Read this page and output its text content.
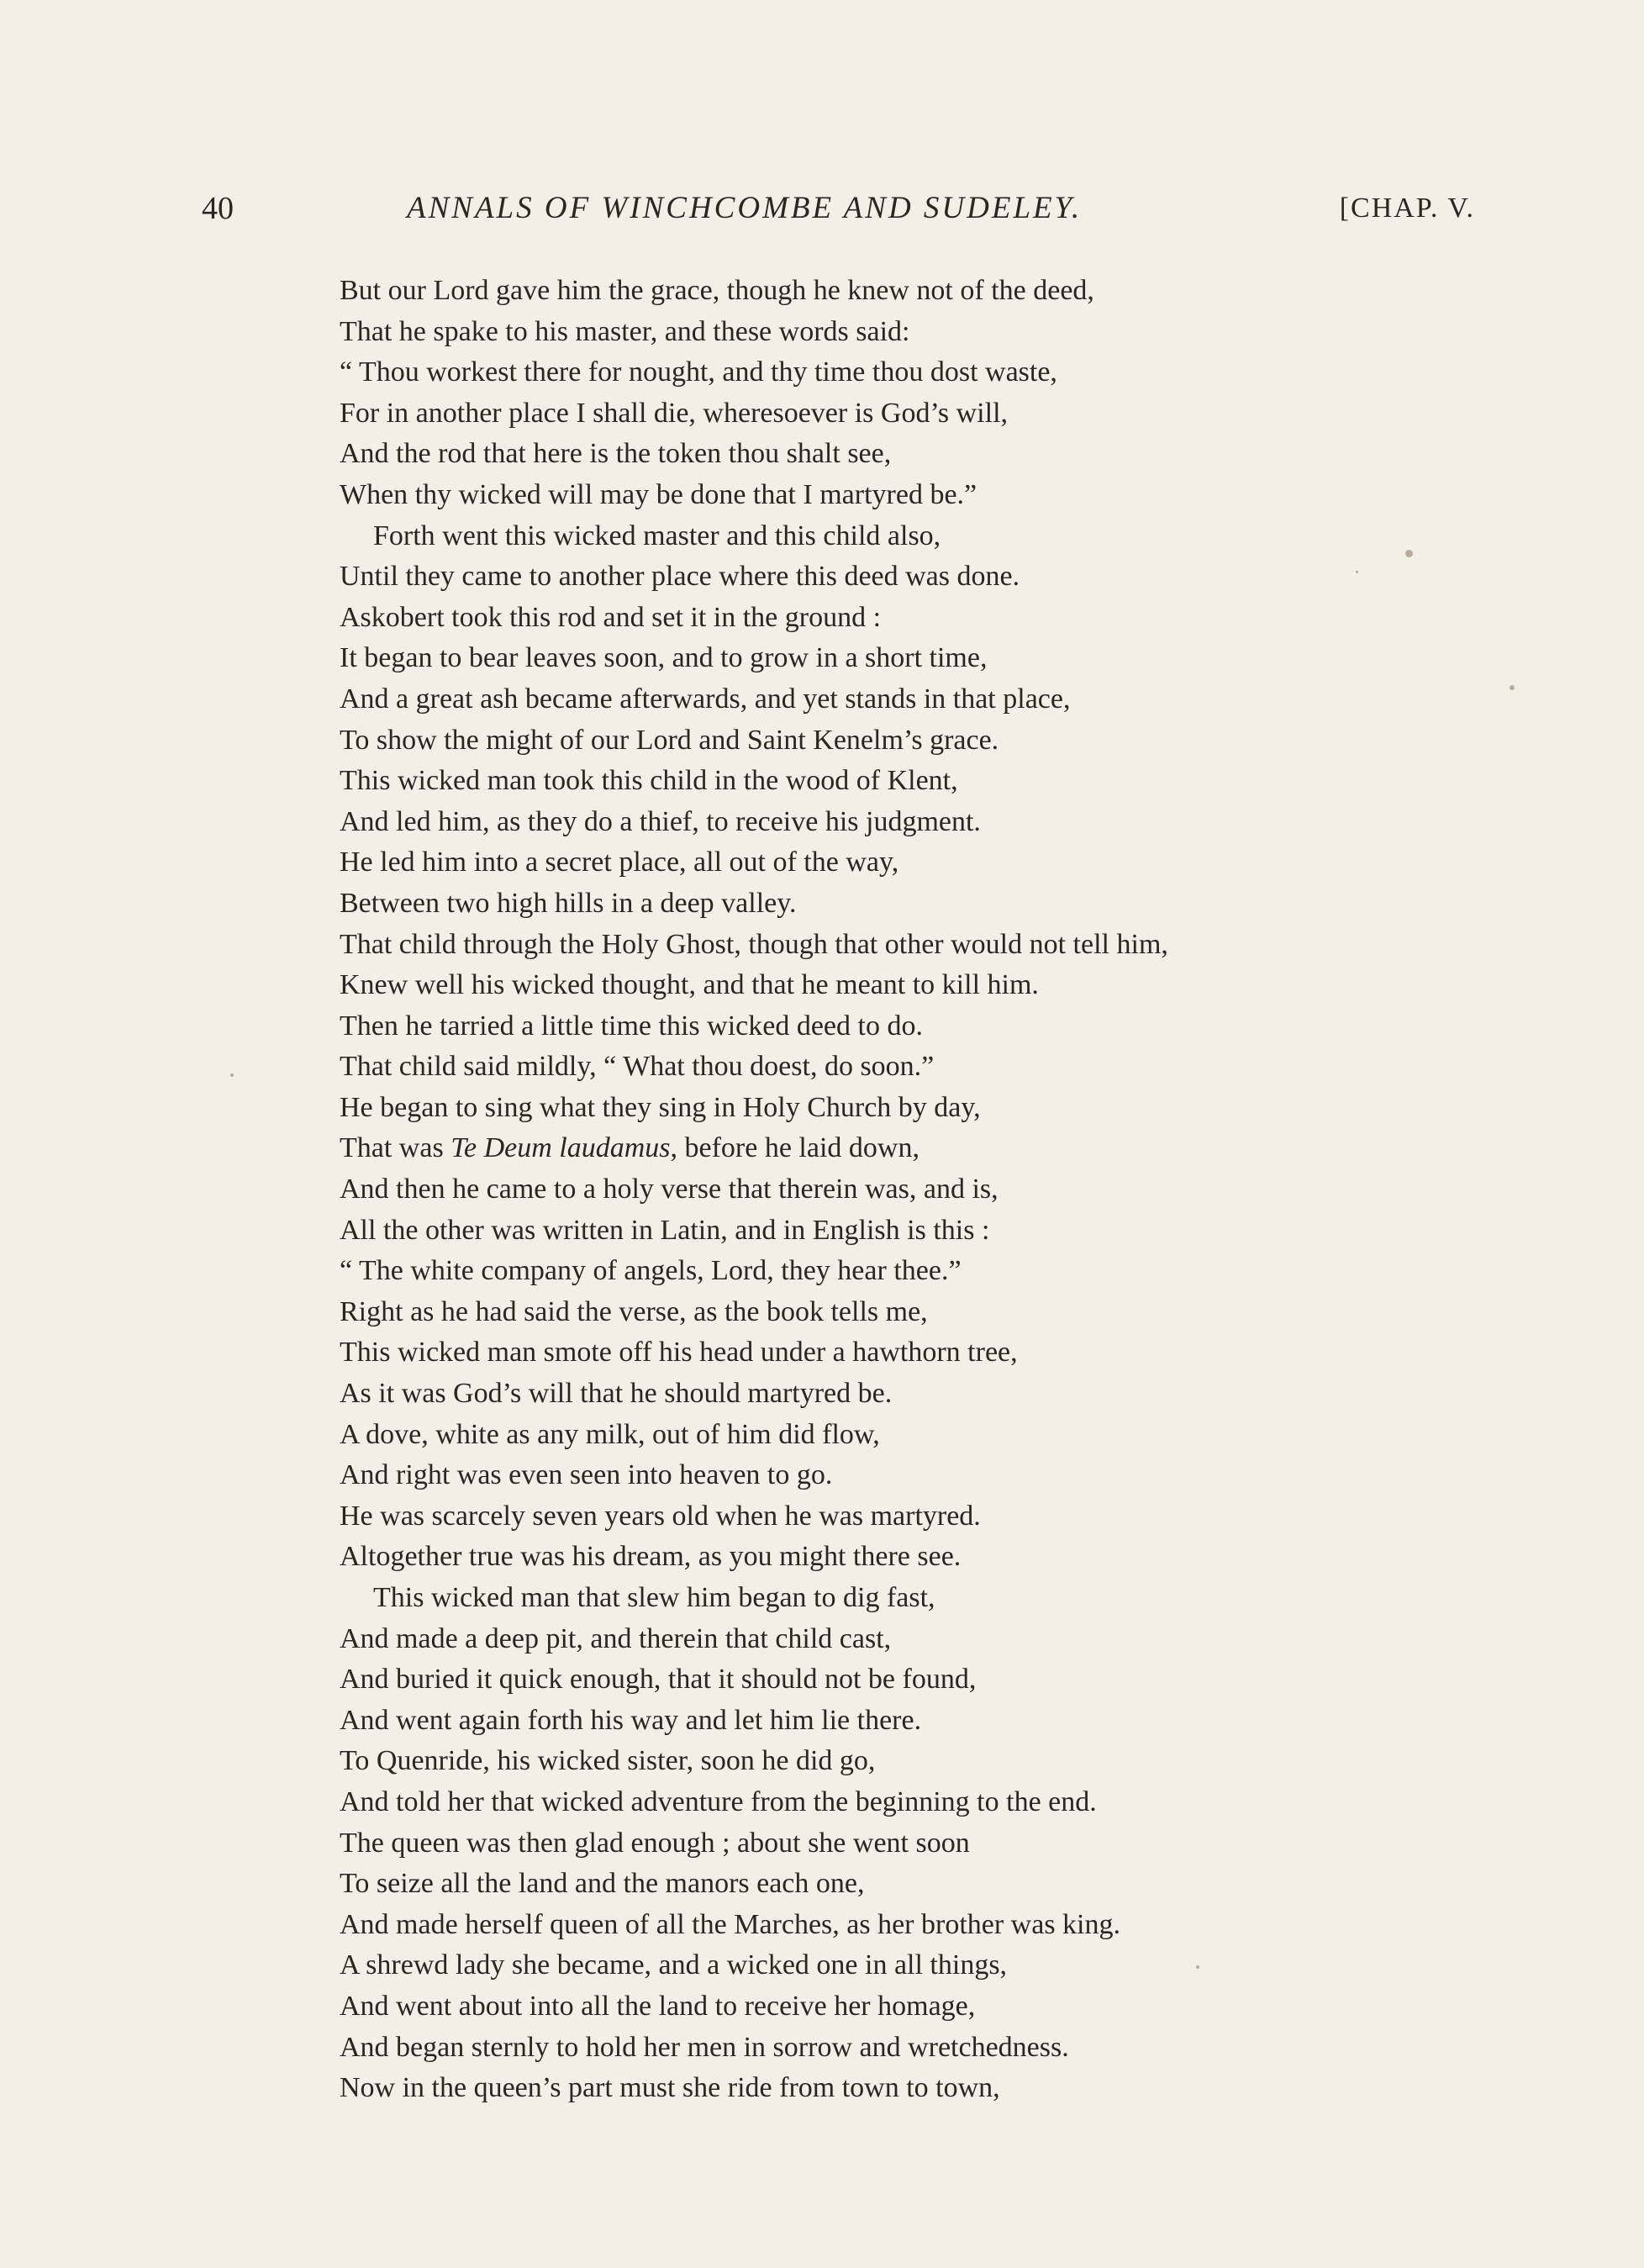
40	ANNALS OF WINCHCOMBE AND SUDELEY.	[CHAP. V.
But our Lord gave him the grace, though he knew not of the deed,
That he spake to his master, and these words said:
“ Thou workest there for nought, and thy time thou dost waste,
For in another place I shall die, wheresoever is God’s will,
And the rod that here is the token thou shalt see,
When thy wicked will may be done that I martyred be.”
Forth went this wicked master and this child also,
Until they came to another place where this deed was done.
Askobert took this rod and set it in the ground :
It began to bear leaves soon, and to grow in a short time,
And a great ash became afterwards, and yet stands in that place,
To show the might of our Lord and Saint Kenelm’s grace.
This wicked man took this child in the wood of Klent,
And led him, as they do a thief, to receive his judgment.
He led him into a secret place, all out of the way,
Between two high hills in a deep valley.
That child through the Holy Ghost, though that other would not tell him,
Knew well his wicked thought, and that he meant to kill him.
Then he tarried a little time this wicked deed to do.
That child said mildly, “ What thou doest, do soon.”
He began to sing what they sing in Holy Church by day,
That was Te Deum laudamus, before he laid down,
And then he came to a holy verse that therein was, and is,
All the other was written in Latin, and in English is this :
“ The white company of angels, Lord, they hear thee.”
Right as he had said the verse, as the book tells me,
This wicked man smote off his head under a hawthorn tree,
As it was God’s will that he should martyred be.
A dove, white as any milk, out of him did flow,
And right was even seen into heaven to go.
He was scarcely seven years old when he was martyred.
Altogether true was his dream, as you might there see.
This wicked man that slew him began to dig fast,
And made a deep pit, and therein that child cast,
And buried it quick enough, that it should not be found,
And went again forth his way and let him lie there.
To Quenride, his wicked sister, soon he did go,
And told her that wicked adventure from the beginning to the end.
The queen was then glad enough ; about she went soon
To seize all the land and the manors each one,
And made herself queen of all the Marches, as her brother was king.
A shrewd lady she became, and a wicked one in all things,
And went about into all the land to receive her homage,
And began sternly to hold her men in sorrow and wretchedness.
Now in the queen’s part must she ride from town to town,
